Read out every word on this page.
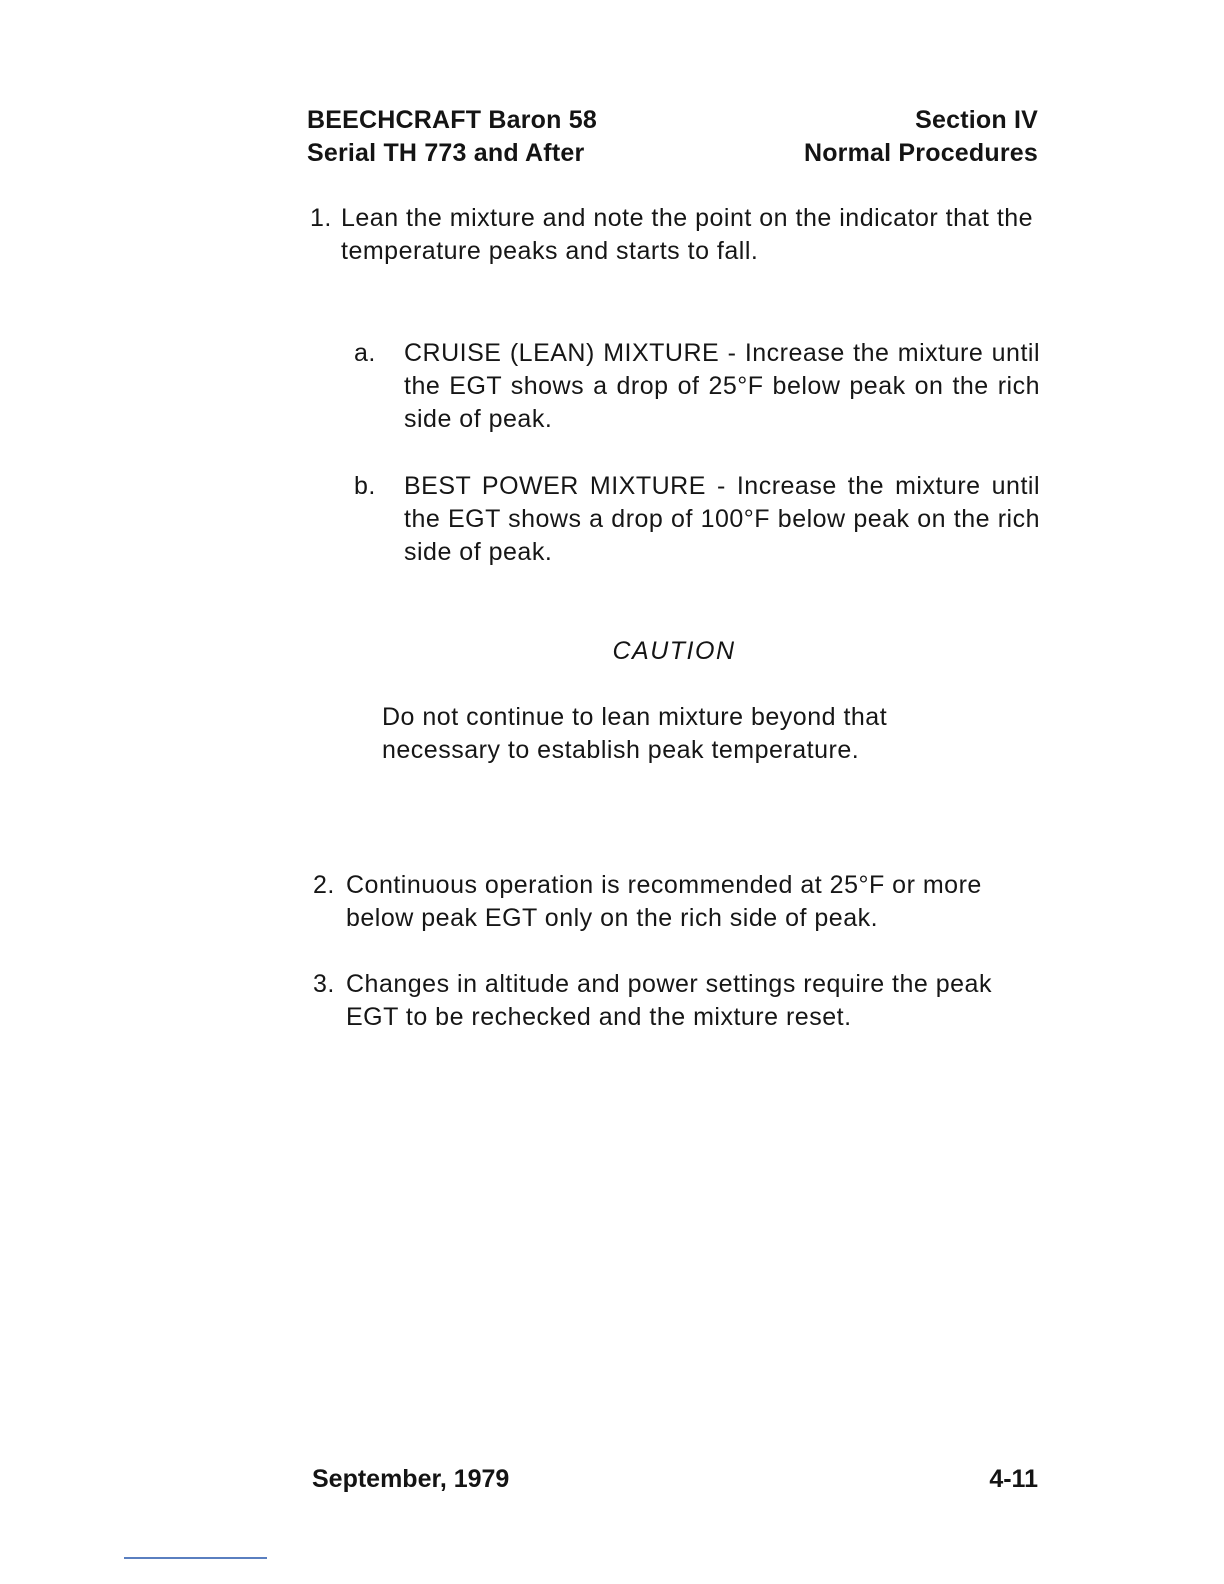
BEECHCRAFT Baron 58
Serial TH 773 and After
Section IV
Normal Procedures
1. Lean the mixture and note the point on the indicator that the temperature peaks and starts to fall.
a.	CRUISE (LEAN) MIXTURE - Increase the mixture until the EGT shows a drop of 25°F below peak on the rich side of peak.
b.	BEST POWER MIXTURE - Increase the mixture until the EGT shows a drop of 100°F below peak on the rich side of peak.
CAUTION
Do not continue to lean mixture beyond that necessary to establish peak temperature.
2. Continuous operation is recommended at 25°F or more below peak EGT only on the rich side of peak.
3. Changes in altitude and power settings require the peak EGT to be rechecked and the mixture reset.
September, 1979	4-11
